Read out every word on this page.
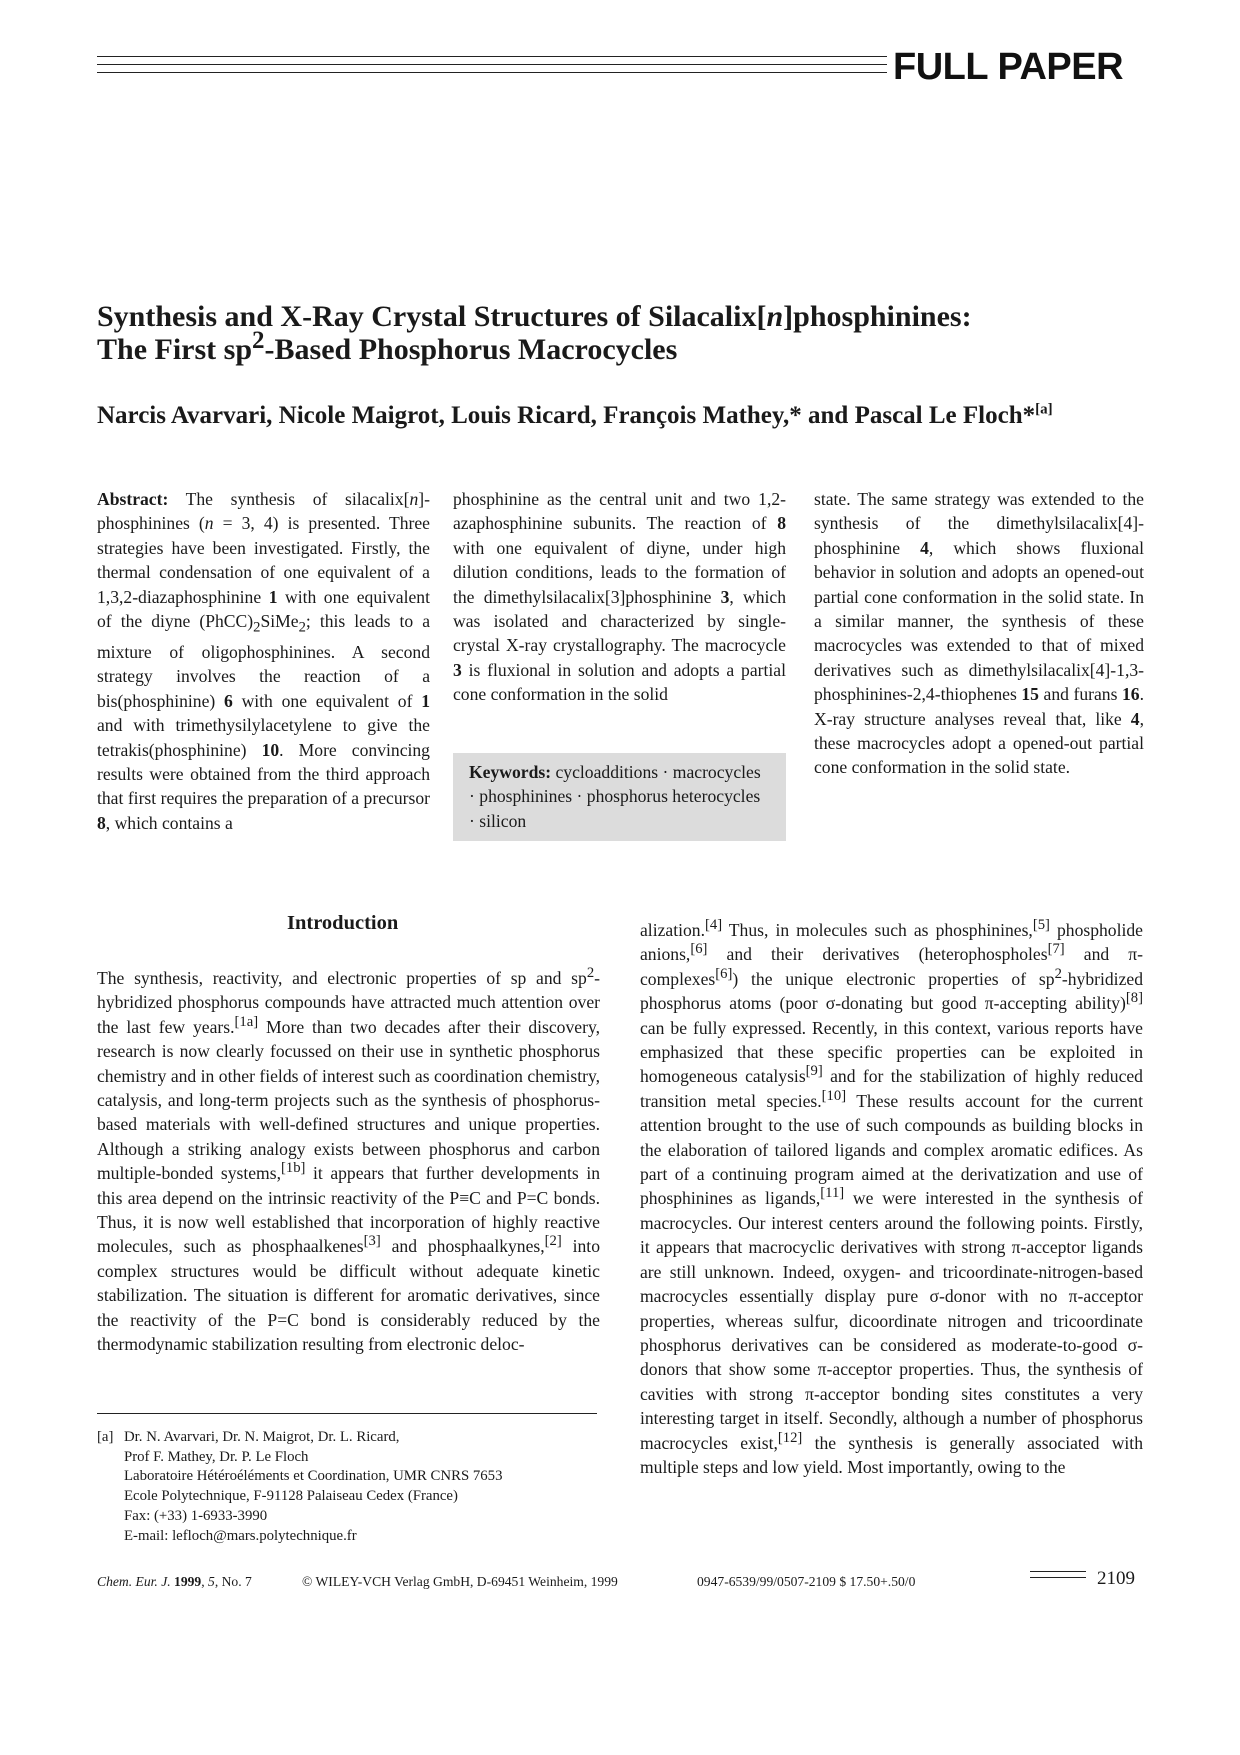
FULL PAPER
Synthesis and X-Ray Crystal Structures of Silacalix[n]phosphinines:
The First $sp^2$-Based Phosphorus Macrocycles
Narcis Avarvari, Nicole Maigrot, Louis Ricard, François Mathey,* and Pascal Le Floch*[a]

Abstract: The synthesis of silacalix[n]-phosphinines (n = 3, 4) is presented. Three strategies have been investigated. Firstly, the thermal condensation of one equivalent of a 1,3,2-diazaphosphinine 1 with one equivalent of the diyne $(PhCC)_2SiMe_2$; this leads to a mixture of oligophosphinines. A second strategy involves the reaction of a bis(phosphinine) 6 with one equivalent of 1 and with trimethysilylacetylene to give the tetrakis(phosphinine) 10. More convincing results were obtained from the third approach that first requires the preparation of a precursor 8, which contains a

phosphinine as the central unit and two 1,2-azaphosphinine subunits. The reaction of 8 with one equivalent of diyne, under high dilution conditions, leads to the formation of the dimethylsilacalix[3]phosphinine 3, which was isolated and characterized by single-crystal X-ray crystallography. The macrocycle 3 is fluxional in solution and adopts a partial cone conformation in the solid

Keywords: cycloadditions · macrocycles · phosphinines · phosphorus heterocycles · silicon

state. The same strategy was extended to the synthesis of the dimethylsilacalix[4]-phosphinine 4, which shows fluxional behavior in solution and adopts an opened-out partial cone conformation in the solid state. In a similar manner, the synthesis of these macrocycles was extended to that of mixed derivatives such as dimethylsilacalix[4]-1,3-phosphinines-2,4-thiophenes 15 and furans 16. X-ray structure analyses reveal that, like 4, these macrocycles adopt a opened-out partial cone conformation in the solid state.

Introduction

The synthesis, reactivity, and electronic properties of sp and $sp^2$-hybridized phosphorus compounds have attracted much attention over the last few years.[1a] More than two decades after their discovery, research is now clearly focussed on their use in synthetic phosphorus chemistry and in other fields of interest such as coordination chemistry, catalysis, and long-term projects such as the synthesis of phosphorus-based materials with well-defined structures and unique properties. Although a striking analogy exists between phosphorus and carbon multiple-bonded systems,[1b] it appears that further developments in this area depend on the intrinsic reactivity of the P≡C and P=C bonds. Thus, it is now well established that incorporation of highly reactive molecules, such as phosphaalkenes[3] and phosphaalkynes,[2] into complex structures would be difficult without adequate kinetic stabilization. The situation is different for aromatic derivatives, since the reactivity of the P=C bond is considerably reduced by the thermodynamic stabilization resulting from electronic deloc-

alization.[4] Thus, in molecules such as phosphinines,[5] phospholide anions,[6] and their derivatives (heterophospholes[7] and π-complexes[6]) the unique electronic properties of $sp^2$-hybridized phosphorus atoms (poor σ-donating but good π-accepting ability)[8] can be fully expressed. Recently, in this context, various reports have emphasized that these specific properties can be exploited in homogeneous catalysis[9] and for the stabilization of highly reduced transition metal species.[10] These results account for the current attention brought to the use of such compounds as building blocks in the elaboration of tailored ligands and complex aromatic edifices. As part of a continuing program aimed at the derivatization and use of phosphinines as ligands,[11] we were interested in the synthesis of macrocycles. Our interest centers around the following points. Firstly, it appears that macrocyclic derivatives with strong π-acceptor ligands are still unknown. Indeed, oxygen- and tricoordinate-nitrogen-based macrocycles essentially display pure σ-donor with no π-acceptor properties, whereas sulfur, dicoordinate nitrogen and tricoordinate phosphorus derivatives can be considered as moderate-to-good σ-donors that show some π-acceptor properties. Thus, the synthesis of cavities with strong π-acceptor bonding sites constitutes a very interesting target in itself. Secondly, although a number of phosphorus macrocycles exist,[12] the synthesis is generally associated with multiple steps and low yield. Most importantly, owing to the

[a] Dr. N. Avarvari, Dr. N. Maigrot, Dr. L. Ricard,
Prof F. Mathey, Dr. P. Le Floch
Laboratoire Hétéroéléments et Coordination, UMR CNRS 7653
Ecole Polytechnique, F-91128 Palaiseau Cedex (France)
Fax: (+33) 1-6933-3990
E-mail: lefloch@mars.polytechnique.fr
Chem. Eur. J. 1999, 5, No. 7	© WILEY-VCH Verlag GmbH, D-69451 Weinheim, 1999	0947-6539/99/0507-2109 $ 17.50+.50/0	2109
